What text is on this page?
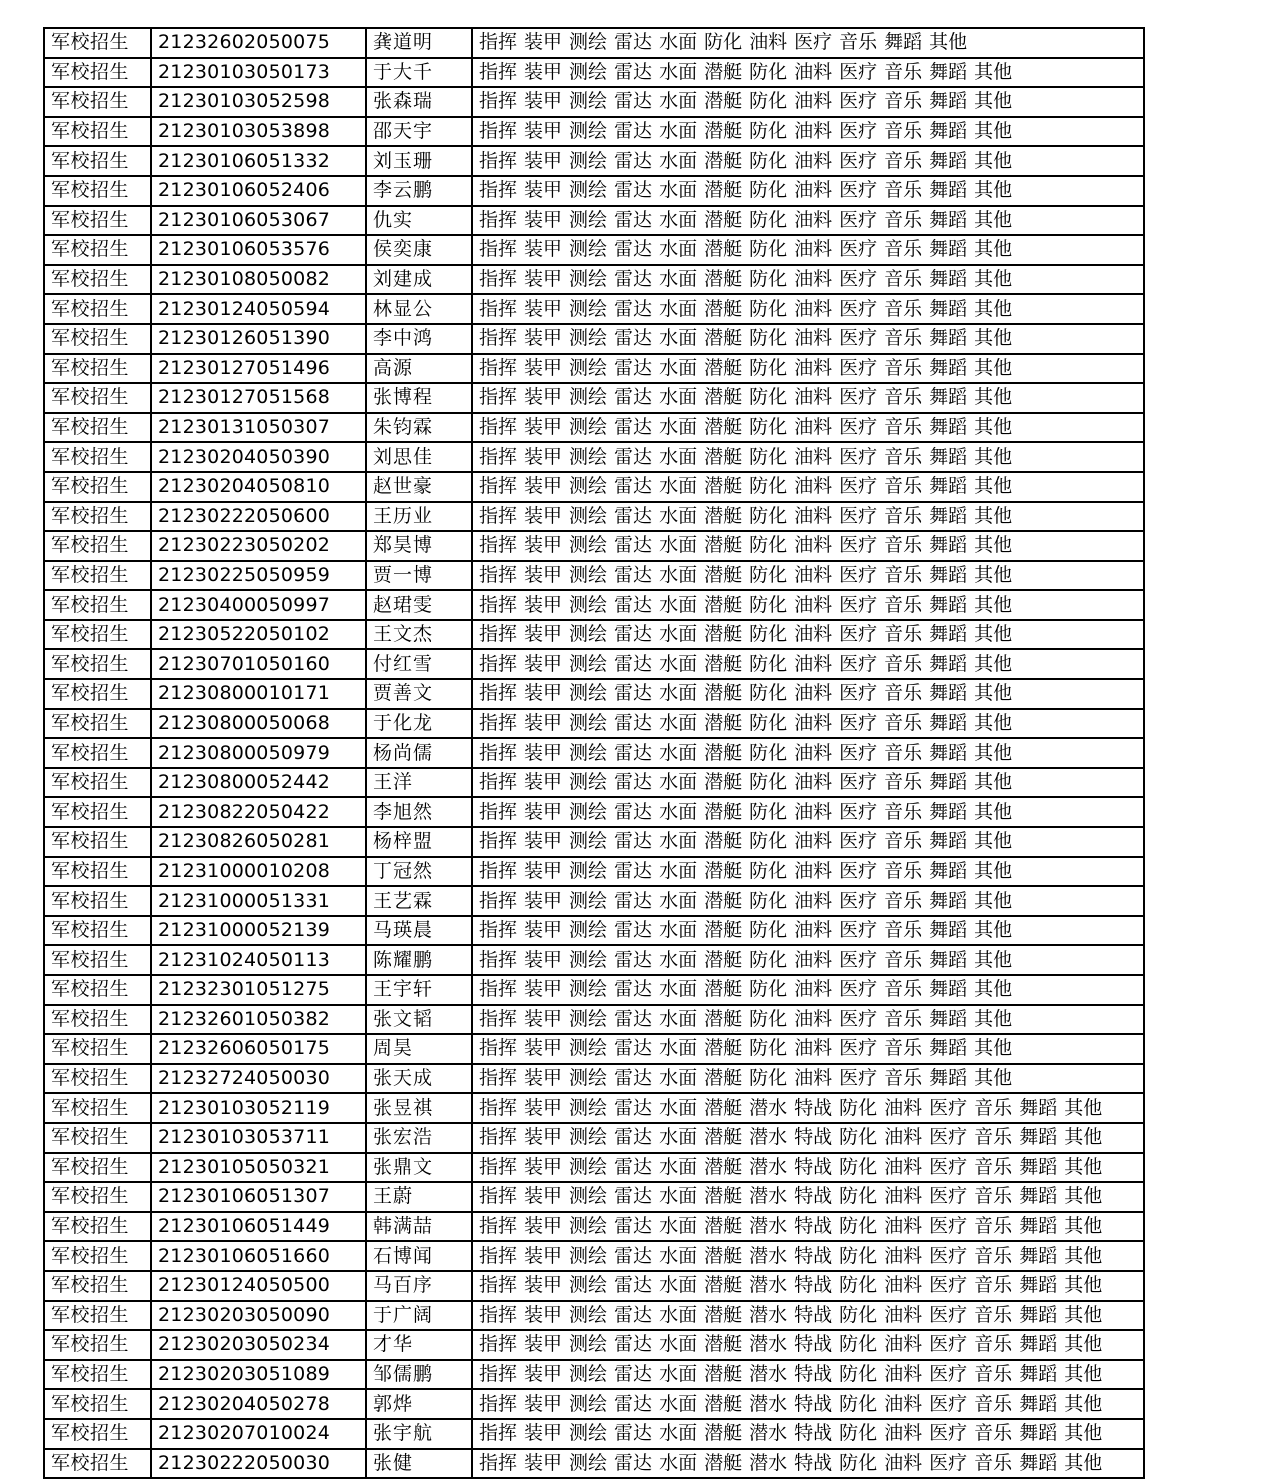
军校招生	21232602050075	龚道明	指挥 装甲 测绘 雷达 水面 防化 油料 医疗 音乐 舞蹈 其他
军校招生	21230103050173	于大千	指挥 装甲 测绘 雷达 水面 潜艇 防化 油料 医疗 音乐 舞蹈 其他
军校招生	21230103052598	张森瑞	指挥 装甲 测绘 雷达 水面 潜艇 防化 油料 医疗 音乐 舞蹈 其他
军校招生	21230103053898	邵天宇	指挥 装甲 测绘 雷达 水面 潜艇 防化 油料 医疗 音乐 舞蹈 其他
军校招生	21230106051332	刘玉珊	指挥 装甲 测绘 雷达 水面 潜艇 防化 油料 医疗 音乐 舞蹈 其他
军校招生	21230106052406	李云鹏	指挥 装甲 测绘 雷达 水面 潜艇 防化 油料 医疗 音乐 舞蹈 其他
军校招生	21230106053067	仇实	指挥 装甲 测绘 雷达 水面 潜艇 防化 油料 医疗 音乐 舞蹈 其他
军校招生	21230106053576	侯奕康	指挥 装甲 测绘 雷达 水面 潜艇 防化 油料 医疗 音乐 舞蹈 其他
军校招生	21230108050082	刘建成	指挥 装甲 测绘 雷达 水面 潜艇 防化 油料 医疗 音乐 舞蹈 其他
军校招生	21230124050594	林显公	指挥 装甲 测绘 雷达 水面 潜艇 防化 油料 医疗 音乐 舞蹈 其他
军校招生	21230126051390	李中鸿	指挥 装甲 测绘 雷达 水面 潜艇 防化 油料 医疗 音乐 舞蹈 其他
军校招生	21230127051496	高源	指挥 装甲 测绘 雷达 水面 潜艇 防化 油料 医疗 音乐 舞蹈 其他
军校招生	21230127051568	张博程	指挥 装甲 测绘 雷达 水面 潜艇 防化 油料 医疗 音乐 舞蹈 其他
军校招生	21230131050307	朱钧霖	指挥 装甲 测绘 雷达 水面 潜艇 防化 油料 医疗 音乐 舞蹈 其他
军校招生	21230204050390	刘思佳	指挥 装甲 测绘 雷达 水面 潜艇 防化 油料 医疗 音乐 舞蹈 其他
军校招生	21230204050810	赵世豪	指挥 装甲 测绘 雷达 水面 潜艇 防化 油料 医疗 音乐 舞蹈 其他
军校招生	21230222050600	王历业	指挥 装甲 测绘 雷达 水面 潜艇 防化 油料 医疗 音乐 舞蹈 其他
军校招生	21230223050202	郑昊博	指挥 装甲 测绘 雷达 水面 潜艇 防化 油料 医疗 音乐 舞蹈 其他
军校招生	21230225050959	贾一博	指挥 装甲 测绘 雷达 水面 潜艇 防化 油料 医疗 音乐 舞蹈 其他
军校招生	21230400050997	赵珺雯	指挥 装甲 测绘 雷达 水面 潜艇 防化 油料 医疗 音乐 舞蹈 其他
军校招生	21230522050102	王文杰	指挥 装甲 测绘 雷达 水面 潜艇 防化 油料 医疗 音乐 舞蹈 其他
军校招生	21230701050160	付红雪	指挥 装甲 测绘 雷达 水面 潜艇 防化 油料 医疗 音乐 舞蹈 其他
军校招生	21230800010171	贾善文	指挥 装甲 测绘 雷达 水面 潜艇 防化 油料 医疗 音乐 舞蹈 其他
军校招生	21230800050068	于化龙	指挥 装甲 测绘 雷达 水面 潜艇 防化 油料 医疗 音乐 舞蹈 其他
军校招生	21230800050979	杨尚儒	指挥 装甲 测绘 雷达 水面 潜艇 防化 油料 医疗 音乐 舞蹈 其他
军校招生	21230800052442	王洋	指挥 装甲 测绘 雷达 水面 潜艇 防化 油料 医疗 音乐 舞蹈 其他
军校招生	21230822050422	李旭然	指挥 装甲 测绘 雷达 水面 潜艇 防化 油料 医疗 音乐 舞蹈 其他
军校招生	21230826050281	杨梓盟	指挥 装甲 测绘 雷达 水面 潜艇 防化 油料 医疗 音乐 舞蹈 其他
军校招生	21231000010208	丁冠然	指挥 装甲 测绘 雷达 水面 潜艇 防化 油料 医疗 音乐 舞蹈 其他
军校招生	21231000051331	王艺霖	指挥 装甲 测绘 雷达 水面 潜艇 防化 油料 医疗 音乐 舞蹈 其他
军校招生	21231000052139	马瑛晨	指挥 装甲 测绘 雷达 水面 潜艇 防化 油料 医疗 音乐 舞蹈 其他
军校招生	21231024050113	陈耀鹏	指挥 装甲 测绘 雷达 水面 潜艇 防化 油料 医疗 音乐 舞蹈 其他
军校招生	21232301051275	王宇轩	指挥 装甲 测绘 雷达 水面 潜艇 防化 油料 医疗 音乐 舞蹈 其他
军校招生	21232601050382	张文韬	指挥 装甲 测绘 雷达 水面 潜艇 防化 油料 医疗 音乐 舞蹈 其他
军校招生	21232606050175	周昊	指挥 装甲 测绘 雷达 水面 潜艇 防化 油料 医疗 音乐 舞蹈 其他
军校招生	21232724050030	张天成	指挥 装甲 测绘 雷达 水面 潜艇 防化 油料 医疗 音乐 舞蹈 其他
军校招生	21230103052119	张昱祺	指挥 装甲 测绘 雷达 水面 潜艇 潜水 特战 防化 油料 医疗 音乐 舞蹈 其他
军校招生	21230103053711	张宏浩	指挥 装甲 测绘 雷达 水面 潜艇 潜水 特战 防化 油料 医疗 音乐 舞蹈 其他
军校招生	21230105050321	张鼎文	指挥 装甲 测绘 雷达 水面 潜艇 潜水 特战 防化 油料 医疗 音乐 舞蹈 其他
军校招生	21230106051307	王蔚	指挥 装甲 测绘 雷达 水面 潜艇 潜水 特战 防化 油料 医疗 音乐 舞蹈 其他
军校招生	21230106051449	韩满喆	指挥 装甲 测绘 雷达 水面 潜艇 潜水 特战 防化 油料 医疗 音乐 舞蹈 其他
军校招生	21230106051660	石博闻	指挥 装甲 测绘 雷达 水面 潜艇 潜水 特战 防化 油料 医疗 音乐 舞蹈 其他
军校招生	21230124050500	马百序	指挥 装甲 测绘 雷达 水面 潜艇 潜水 特战 防化 油料 医疗 音乐 舞蹈 其他
军校招生	21230203050090	于广阔	指挥 装甲 测绘 雷达 水面 潜艇 潜水 特战 防化 油料 医疗 音乐 舞蹈 其他
军校招生	21230203050234	才华	指挥 装甲 测绘 雷达 水面 潜艇 潜水 特战 防化 油料 医疗 音乐 舞蹈 其他
军校招生	21230203051089	邹儒鹏	指挥 装甲 测绘 雷达 水面 潜艇 潜水 特战 防化 油料 医疗 音乐 舞蹈 其他
军校招生	21230204050278	郭烨	指挥 装甲 测绘 雷达 水面 潜艇 潜水 特战 防化 油料 医疗 音乐 舞蹈 其他
军校招生	21230207010024	张宇航	指挥 装甲 测绘 雷达 水面 潜艇 潜水 特战 防化 油料 医疗 音乐 舞蹈 其他
军校招生	21230222050030	张健	指挥 装甲 测绘 雷达 水面 潜艇 潜水 特战 防化 油料 医疗 音乐 舞蹈 其他
